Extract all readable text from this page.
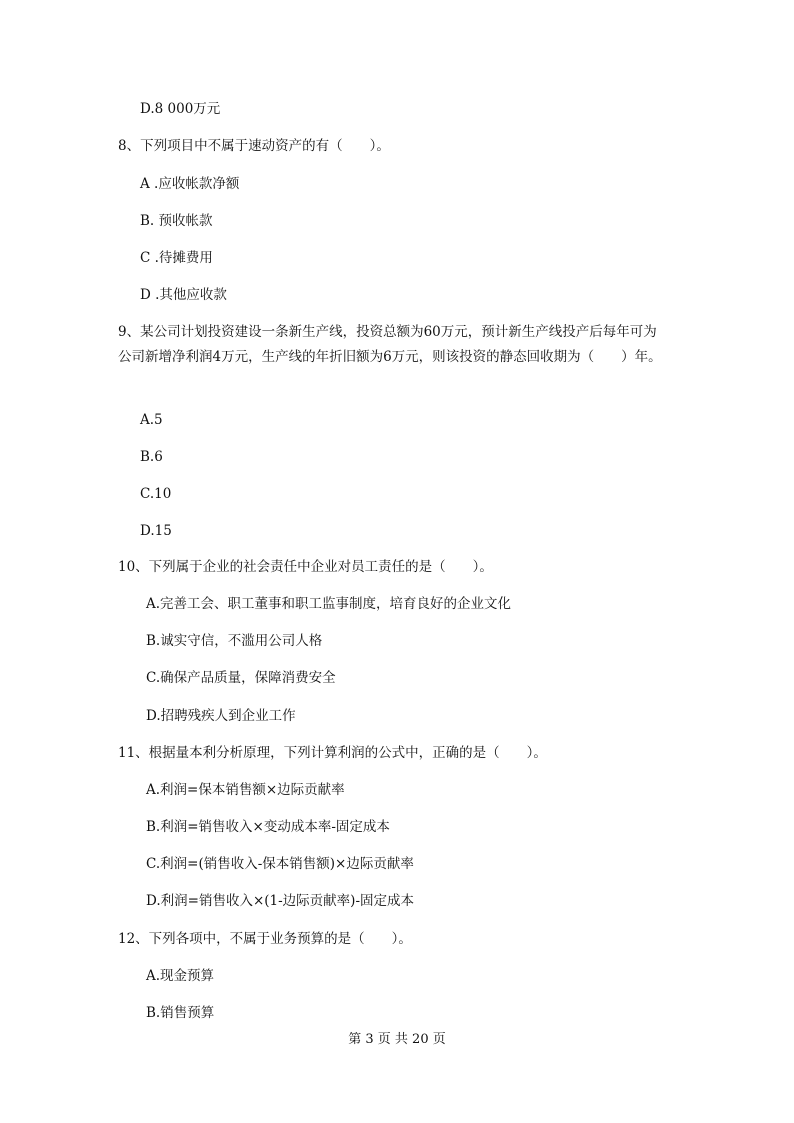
D.8 000万元
8、下列项目中不属于速动资产的有（　　）。
A .应收帐款净额
B. 预收帐款
C .待摊费用
D .其他应收款
9、某公司计划投资建设一条新生产线，投资总额为60万元，预计新生产线投产后每年可为
公司新增净利润4万元，生产线的年折旧额为6万元，则该投资的静态回收期为（　　）年。
A.5
B.6
C.10
D.15
10、下列属于企业的社会责任中企业对员工责任的是（　　）。
A.完善工会、职工董事和职工监事制度，培育良好的企业文化
B.诚实守信，不滥用公司人格
C.确保产品质量，保障消费安全
D.招聘残疾人到企业工作
11、根据量本利分析原理，下列计算利润的公式中，正确的是（　　）。
A.利润=保本销售额×边际贡献率
B.利润=销售收入×变动成本率-固定成本
C.利润=(销售收入-保本销售额)×边际贡献率
D.利润=销售收入×(1-边际贡献率)-固定成本
12、下列各项中，不属于业务预算的是（　　）。
A.现金预算
B.销售预算
第 3 页 共 20 页
